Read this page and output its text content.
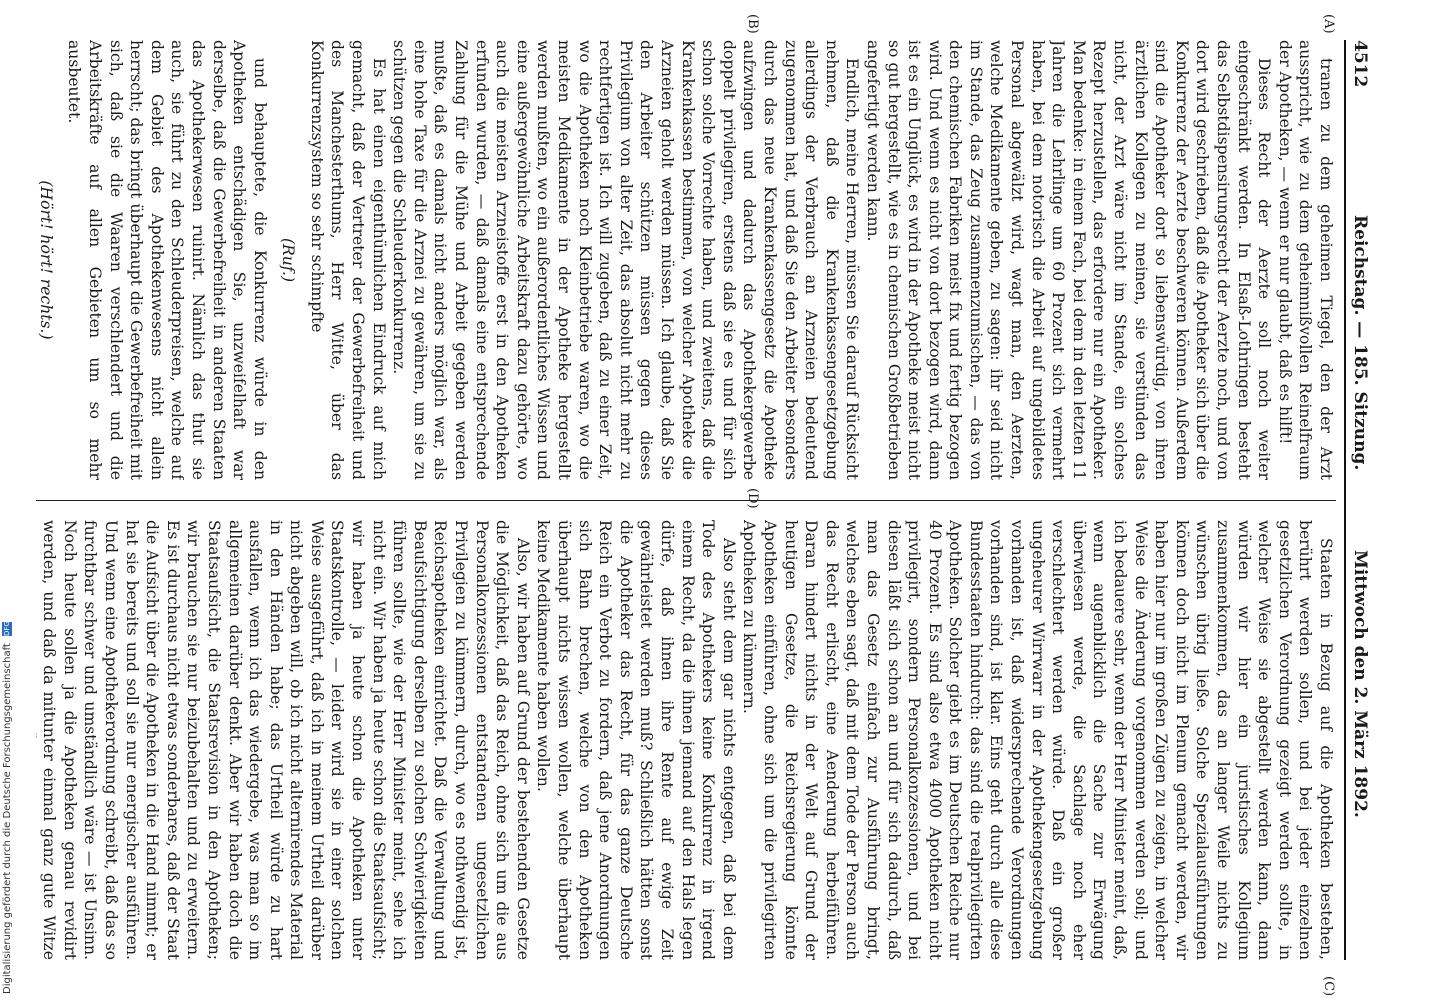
4512
Reichstag. — 185. Sitzung.
Mittwoch den 2. März 1892.
(A)
(B)
(C)
(D)

tranen zu dem geheimen Tiegel, den der Arzt ausspricht, wie zu dem geheimnißvollen Reinelfraum der Apotheken, — wenn er nur glaubt, daß es hilft!

Dieses Recht der Aerzte soll noch weiter eingeschränkt werden. In Elsaß-Lothringen besteht das Selbstdispensirungsrecht der Aerzte noch, und von dort wird geschrieben, daß die Apotheker sich über die Konkurrenz der Aerzte beschweren können. Außerdem sind die Apotheker dort so liebenswürdig, von ihren ärztlichen Kollegen zu meinen, sie verstünden das nicht, der Arzt wäre nicht im Stande, ein solches Rezept herzustellen, das erfordere nur ein Apotheker. Man bedenke: in einem Fach, bei dem in den letzten 11 Jahren die Lehrlinge um 60 Prozent sich vermehrt haben, bei dem notorisch die Arbeit auf ungebildetes Personal abgewälzt wird, wagt man, den Aerzten, welche Medikamente geben, zu sagen: ihr seid nicht im Stande, das Zeug zusammenzumischen, — das von den chemischen Fabriken meist fix und fertig bezogen wird. Und wenn es nicht von dort bezogen wird, dann ist es ein Unglück, es wird in der Apotheke meist nicht so gut hergestellt, wie es in chemischen Großbetrieben angefertigt werden kann.

Endlich, meine Herren, müssen Sie darauf Rücksicht nehmen, daß die Krankenkassengesetzgebung allerdings der Verbrauch an Arzneien bedeutend zugenommen hat, und daß Sie den Arbeiter besonders durch das neue Krankenkassengesetz die Apotheke aufzwingen und dadurch das Apothekergewerbe doppelt privilegiren, erstens daß sie es und für sich schon solche Vorrechte haben, und zweitens, daß die Krankenkassen bestimmen, von welcher Apotheke die Arzneien geholt werden müssen. Ich glaube, daß Sie den Arbeiter schützen müssen gegen dieses Privilegium von alter Zeit, das absolut nicht mehr zu rechtfertigen ist. Ich will zugeben, daß zu einer Zeit, wo die Apotheken noch Kleinbetriebe waren, wo die meisten Medikamente in der Apotheke hergestellt werden mußten, wo ein außerordentliches Wissen und eine außergewöhnliche Arbeitskraft dazu gehörte, wo auch die meisten Arzneistoffe erst in den Apotheken erfunden wurden, — daß damals eine entsprechende Zahlung für die Mühe und Arbeit gegeben werden mußte, daß es damals nicht anders möglich war, als eine hohe Taxe für die Arznei zu gewähren, um sie zu schützen gegen die Schleuderkonkurrenz.

Es hat einen eigenthümlichen Eindruck auf mich gemacht, daß der Vertreter der Gewerbefreiheit und des Manchesterthums, Herr Witte, über das Konkurrenzsystem so sehr schimpfte

(Ruf.)

und behauptete, die Konkurrenz würde in den Apotheken entschädigen Sie, unzweifelhaft war derselbe, daß die Gewerbefreiheit in anderen Staaten das Apothekerwesen ruinirt. Nämlich das thut sie auch, sie führt zu den Schleuderpreisen, welche auf dem Gebiet des Apothekenwesens nicht allein herrscht; das bringt überhaupt die Gewerbefreiheit mit sich, daß sie die Waaren verschlendert und die Arbeitskräfte auf allen Gebieten um so mehr ausbeutet.

(Hört! hört! rechts.)

Staaten in Bezug auf die Apotheken bestehen, berührt werden sollen, und bei jeder einzelnen gesetzlichen Verordnung gezeigt werden sollte, in welcher Weise sie abgestellt werden kann, dann würden wir hier ein juristisches Kollegium zusammenkommen, das an langer Weile nichts zu wünschen übrig ließe. Solche Spezialausführungen können doch nicht im Plenum gemacht werden, wir haben hier nur im großen Zügen zu zeigen, in welcher Weise die Änderung vorgenommen werden soll; und ich bedauere sehr, wenn der Herr Minister meint, daß, wenn augenblicklich die Sache zur Erwägung überwiesen werde, die Sachlage noch eher verschlechtert werden würde. Daß ein großer ungeheurer Wirrwarr in der Apothekengesetzgebung vorhanden ist, daß widersprechende Verordnungen vorhanden sind, ist klar. Eins geht durch alle diese Bundesstaaten hindurch: das sind die realprivilegirten Apotheken. Solcher giebt es im Deutschen Reiche nur 40 Prozent. Es sind also etwa 4000 Apotheken nicht privilegirt, sondern Personalkonzessionen, und bei diesen läßt sich schon an und für sich dadurch, daß man das Gesetz einfach zur Ausführung bringt, welches eben sagt, daß mit dem Tode der Person auch das Recht erlischt, eine Aenderung herbeiführen. Daran hindert nichts in der Welt auf Grund der heutigen Gesetze, die Reichsregierung könnte Apotheken einführen, ohne sich um die privilegirten Apotheken zu kümmern.

Also steht dem gar nichts entgegen, daß bei dem Tode des Apothekers keine Konkurrenz in irgend einem Recht, da die ihnen jemand auf den Hals legen dürfe, daß ihnen ihre Rente auf ewige Zeit gewährleistet werden muß? Schließlich hätten sonst die Apotheker das Recht, für das ganze Deutsche Reich ein Verbot zu fordern, daß jene Anordnungen sich Bahn brechen, welche von den Apotheken überhaupt nichts wissen wollen, welche überhaupt keine Medikamente haben wollen.

Also, wir haben auf Grund der bestehenden Gesetze die Möglichkeit, daß das Reich, ohne sich um die aus Personalkonzessionen entstandenen ungesetzlichen Privilegien zu kümmern, durch, wo es nothwendig ist, Reichsapotheken einrichtet. Daß die Verwaltung und Beaufsichtigung derselben zu solchen Schwierigkeiten führen sollte, wie der Herr Minister meint, sehe ich nicht ein. Wir haben ja heute schon die Staatsaufsicht; wir haben ja heute schon die Apotheken unter Staatskontrolle, — leider wird sie in einer solchen Weise ausgeführt, daß ich in meinem Urtheil darüber nicht abgeben will, ob ich nicht alternirendes Material in den Händen habe; das Urtheil würde zu hart ausfallen, wenn ich das wiedergebe, was man so im allgemeinen darüber denkt. Aber wir haben doch die Staatsaufsicht, die Staatsrevision in den Apotheken; wir brauchen sie nur beizubehalten und zu erweitern. Es ist durchaus nicht etwas sonderbares, daß der Staat die Aufsicht über die Apotheken in die Hand nimmt; er hat sie bereits und soll sie nur energischer ausführen. Und wenn eine Apothekerordnung schreibt, daß das so furchtbar schwer und umständlich wäre — ist Unsinn. Noch heute sollen ja die Apotheken genau revidirt werden, und daß da mitunter einmal ganz gute Witze

Digitalisierung gefördert durch die Deutsche Forschungsgemeinschaft DFG
